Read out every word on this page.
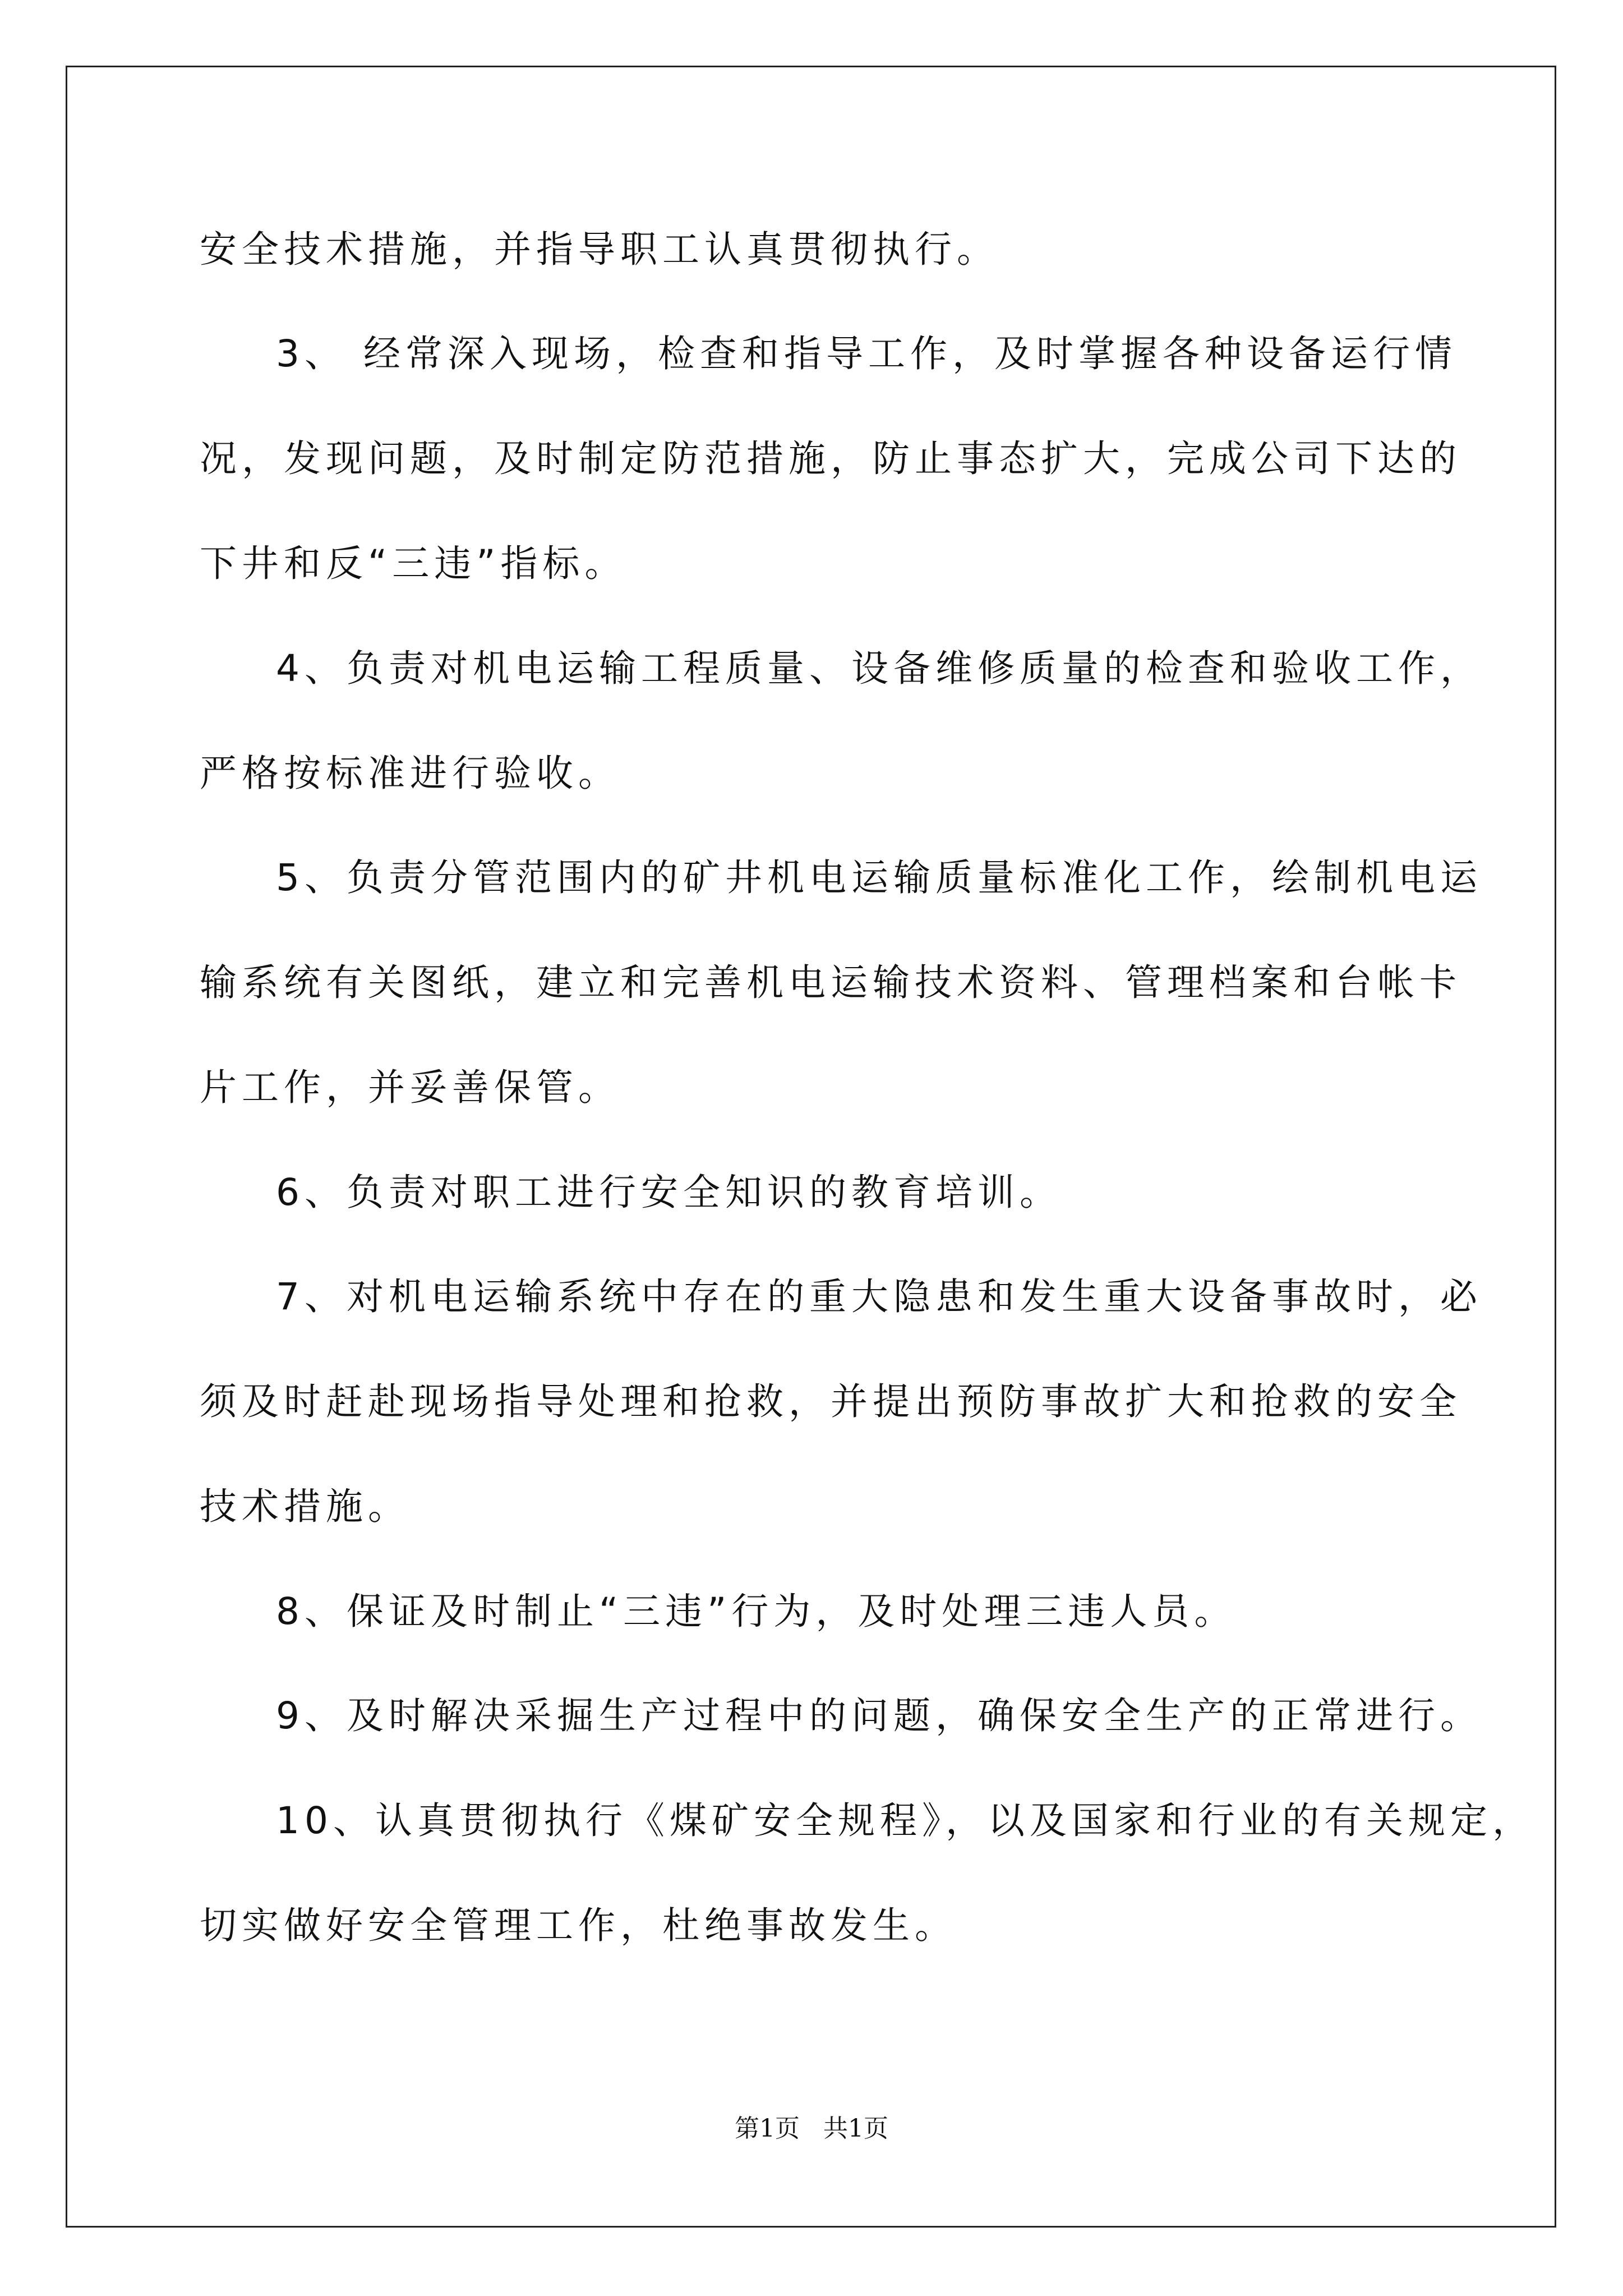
安全技术措施，并指导职工认真贯彻执行。
3、 经常深入现场，检查和指导工作，及时掌握各种设备运行情
况，发现问题，及时制定防范措施，防止事态扩大，完成公司下达的
下井和反“三违”指标。
4、负责对机电运输工程质量、设备维修质量的检查和验收工作，
严格按标准进行验收。
5、负责分管范围内的矿井机电运输质量标准化工作，绘制机电运
输系统有关图纸，建立和完善机电运输技术资料、管理档案和台帐卡
片工作，并妥善保管。
6、负责对职工进行安全知识的教育培训。
7、对机电运输系统中存在的重大隐患和发生重大设备事故时，必
须及时赶赴现场指导处理和抢救，并提出预防事故扩大和抢救的安全
技术措施。
8、保证及时制止“三违”行为，及时处理三违人员。
9、及时解决采掘生产过程中的问题，确保安全生产的正常进行。
10、认真贯彻执行《煤矿安全规程》，以及国家和行业的有关规定，
切实做好安全管理工作，杜绝事故发生。
第1页   共1页
